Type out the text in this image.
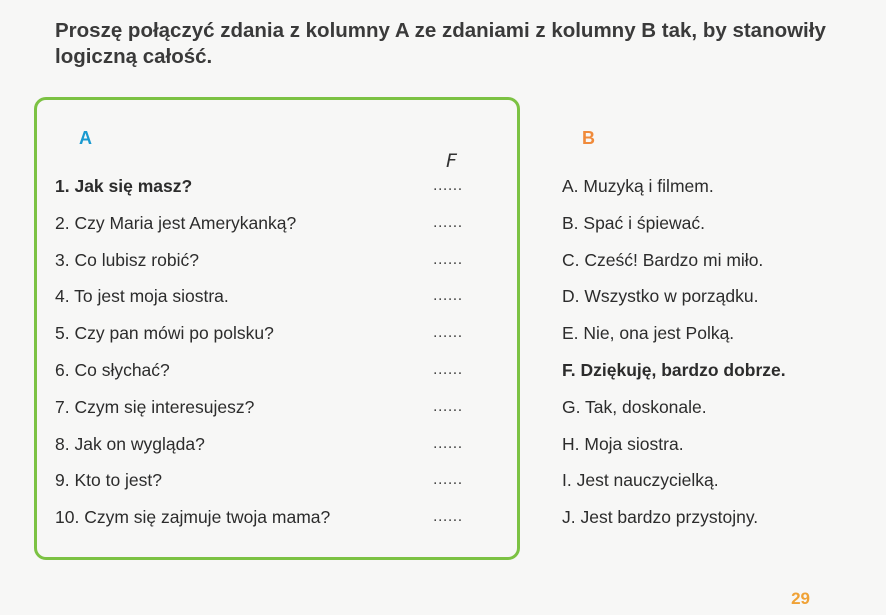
Proszę połączyć zdania z kolumny A ze zdaniami z kolumny B tak, by stanowiły logiczną całość.

A
F
B
1. Jak się masz?	......
2. Czy Maria jest Amerykanką?	......
3. Co lubisz robić?	......
4. To jest moja siostra.	......
5. Czy pan mówi po polsku?	......
6. Co słychać?	......
7. Czym się interesujesz?	......
8. Jak on wygląda?	......
9. Kto to jest?	......
10. Czym się zajmuje twoja mama?	......
A. Muzyką i filmem.
B. Spać i śpiewać.
C. Cześć! Bardzo mi miło.
D. Wszystko w porządku.
E. Nie, ona jest Polką.
F. Dziękuję, bardzo dobrze.
G. Tak, doskonale.
H. Moja siostra.
I. Jest nauczycielką.
J. Jest bardzo przystojny.
29
